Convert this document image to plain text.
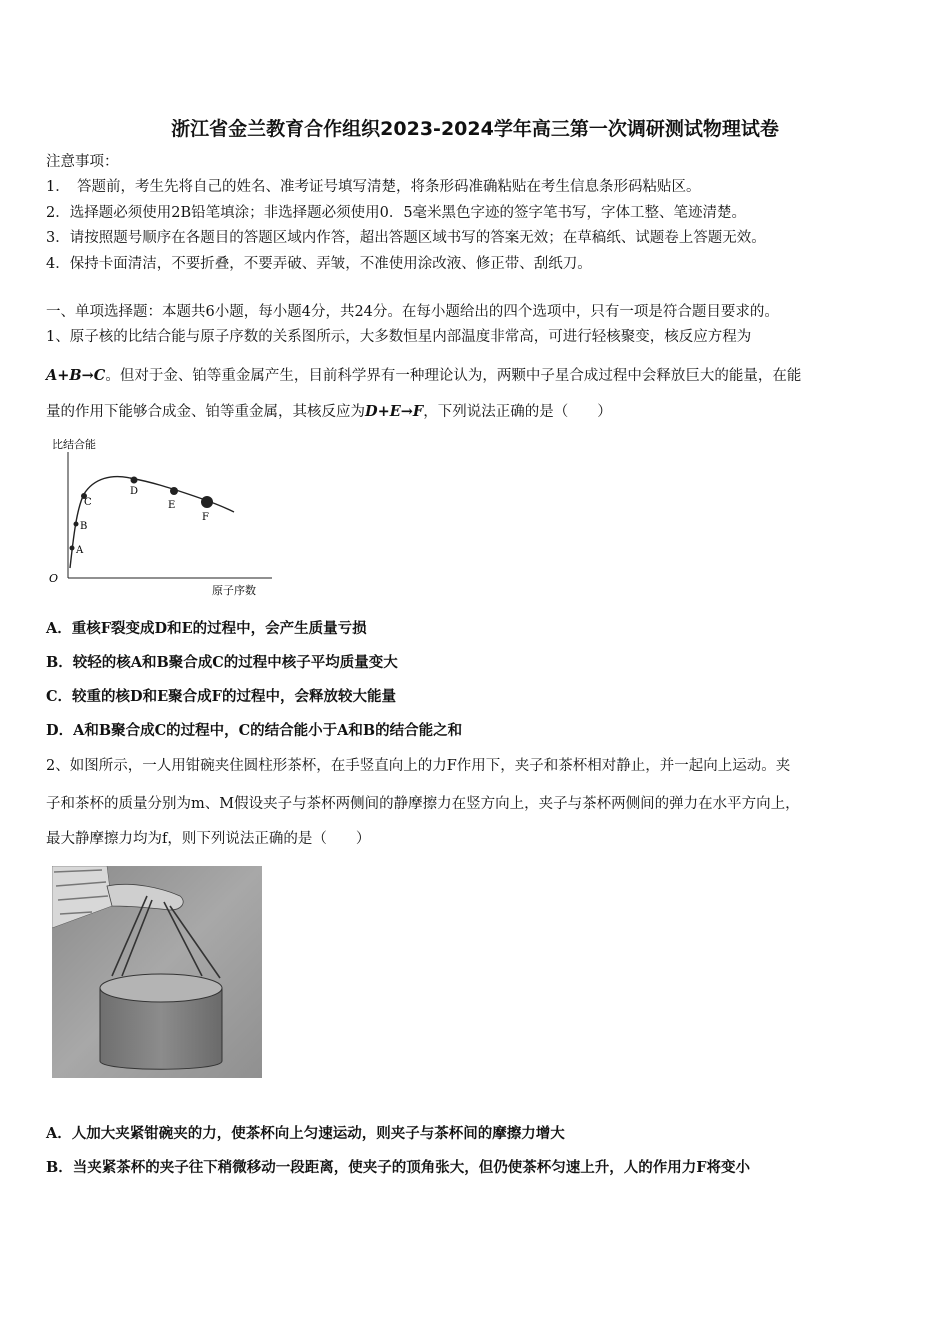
浙江省金兰教育合作组织2023-2024学年高三第一次调研测试物理试卷
注意事项：
1．　答题前，考生先将自己的姓名、准考证号填写清楚，将条形码准确粘贴在考生信息条形码粘贴区。
2．选择题必须使用2B铅笔填涂；非选择题必须使用0．5毫米黑色字迹的签字笔书写，字体工整、笔迹清楚。
3．请按照题号顺序在各题目的答题区域内作答，超出答题区域书写的答案无效；在草稿纸、试题卷上答题无效。
4．保持卡面清洁，不要折叠，不要弄破、弄皱，不准使用涂改液、修正带、刮纸刀。
一、单项选择题：本题共6小题，每小题4分，共24分。在每小题给出的四个选项中，只有一项是符合题目要求的。
1、原子核的比结合能与原子序数的关系图所示，大多数恒星内部温度非常高，可进行轻核聚变，核反应方程为
A+B→C。但对于金、铂等重金属产生，目前科学界有一种理论认为，两颗中子星合成过程中会释放巨大的能量，在能
量的作用下能够合成金、铂等重金属，其核反应为D+E→F，下列说法正确的是（　　）
比结合能
O
原子序数
A
B
C
D
E
F
A．重核F裂变成D和E的过程中，会产生质量亏损
B．较轻的核A和B聚合成C的过程中核子平均质量变大
C．较重的核D和E聚合成F的过程中，会释放较大能量
D．A和B聚合成C的过程中，C的结合能小于A和B的结合能之和
2、如图所示，一人用钳碗夹住圆柱形茶杯，在手竖直向上的力F作用下，夹子和茶杯相对静止，并一起向上运动。夹
子和茶杯的质量分别为m、M假设夹子与茶杯两侧间的静摩擦力在竖方向上，夹子与茶杯两侧间的弹力在水平方向上，
最大静摩擦力均为f，则下列说法正确的是（　　）
A．人加大夹紧钳碗夹的力，使茶杯向上匀速运动，则夹子与茶杯间的摩擦力增大
B．当夹紧茶杯的夹子往下稍微移动一段距离，使夹子的顶角张大，但仍使茶杯匀速上升，人的作用力F将变小
